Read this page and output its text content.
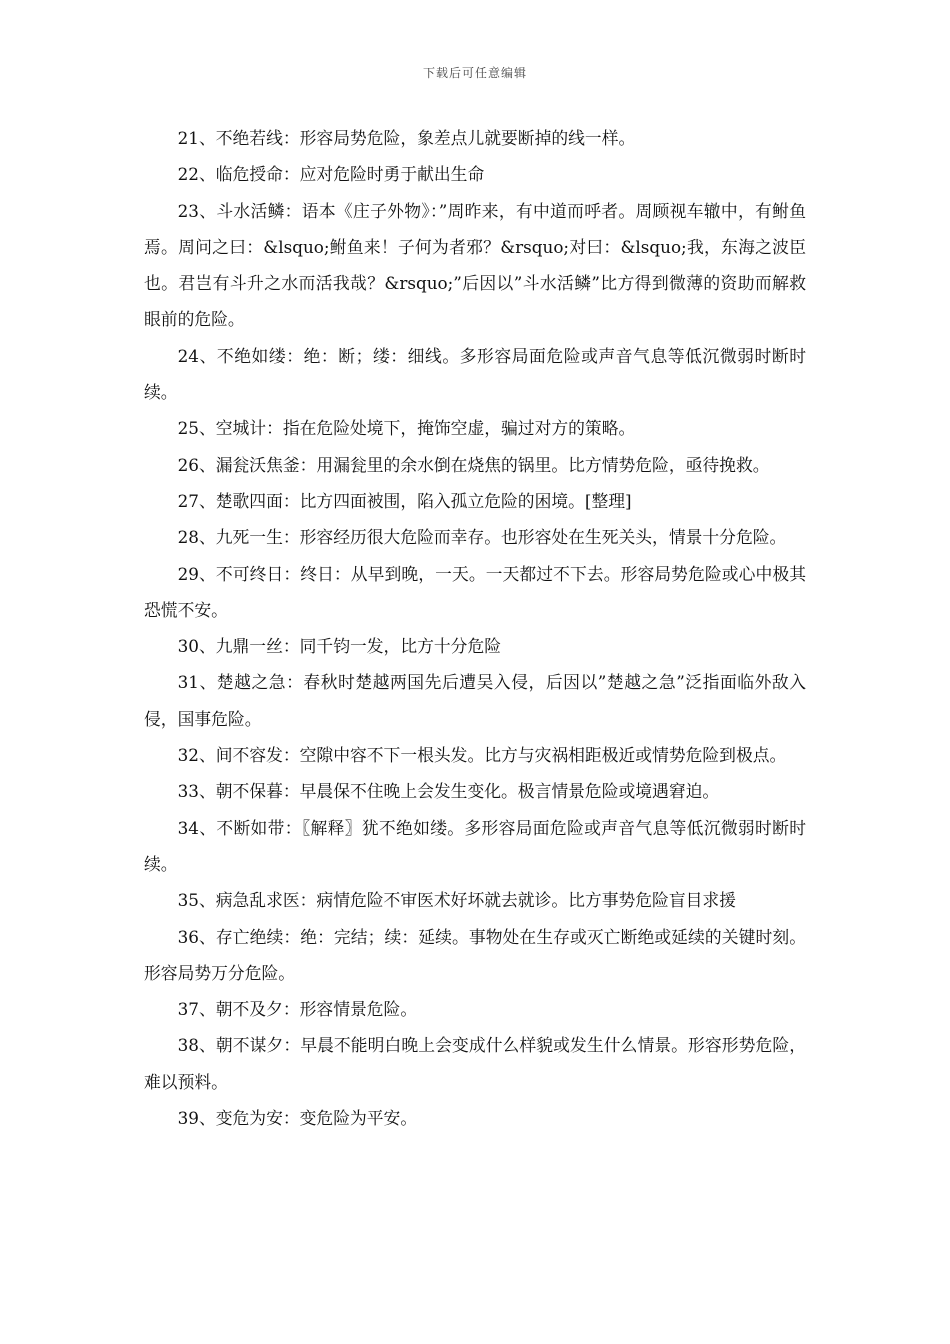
下载后可任意编辑

21、不绝若线：形容局势危险，象差点儿就要断掉的线一样。

22、临危授命：应对危险时勇于献出生命

23、斗水活鳞：语本《庄子外物》：”周昨来，有中道而呼者。周顾视车辙中，有鲋鱼焉。周问之曰：&lsquo;鲋鱼来！子何为者邪？&rsquo;对曰：&lsquo;我，东海之波臣也。君岂有斗升之水而活我哉？&rsquo;”后因以”斗水活鳞”比方得到微薄的资助而解救眼前的危险。

24、不绝如缕：绝：断；缕：细线。多形容局面危险或声音气息等低沉微弱时断时续。

25、空城计：指在危险处境下，掩饰空虚，骗过对方的策略。

26、漏瓮沃焦釜：用漏瓮里的余水倒在烧焦的锅里。比方情势危险，亟待挽救。

27、楚歌四面：比方四面被围，陷入孤立危险的困境。[整理]

28、九死一生：形容经历很大危险而幸存。也形容处在生死关头，情景十分危险。

29、不可终日：终日：从早到晚，一天。一天都过不下去。形容局势危险或心中极其恐慌不安。

30、九鼎一丝：同千钧一发，比方十分危险

31、楚越之急：春秋时楚越两国先后遭吴入侵，后因以”楚越之急”泛指面临外敌入侵，国事危险。

32、间不容发：空隙中容不下一根头发。比方与灾祸相距极近或情势危险到极点。

33、朝不保暮：早晨保不住晚上会发生变化。极言情景危险或境遇窘迫。

34、不断如带：〖解释〗犹不绝如缕。多形容局面危险或声音气息等低沉微弱时断时续。

35、病急乱求医：病情危险不审医术好坏就去就诊。比方事势危险盲目求援

36、存亡绝续：绝：完结；续：延续。事物处在生存或灭亡断绝或延续的关键时刻。形容局势万分危险。

37、朝不及夕：形容情景危险。

38、朝不谋夕：早晨不能明白晚上会变成什么样貌或发生什么情景。形容形势危险，难以预料。

39、变危为安：变危险为平安。
